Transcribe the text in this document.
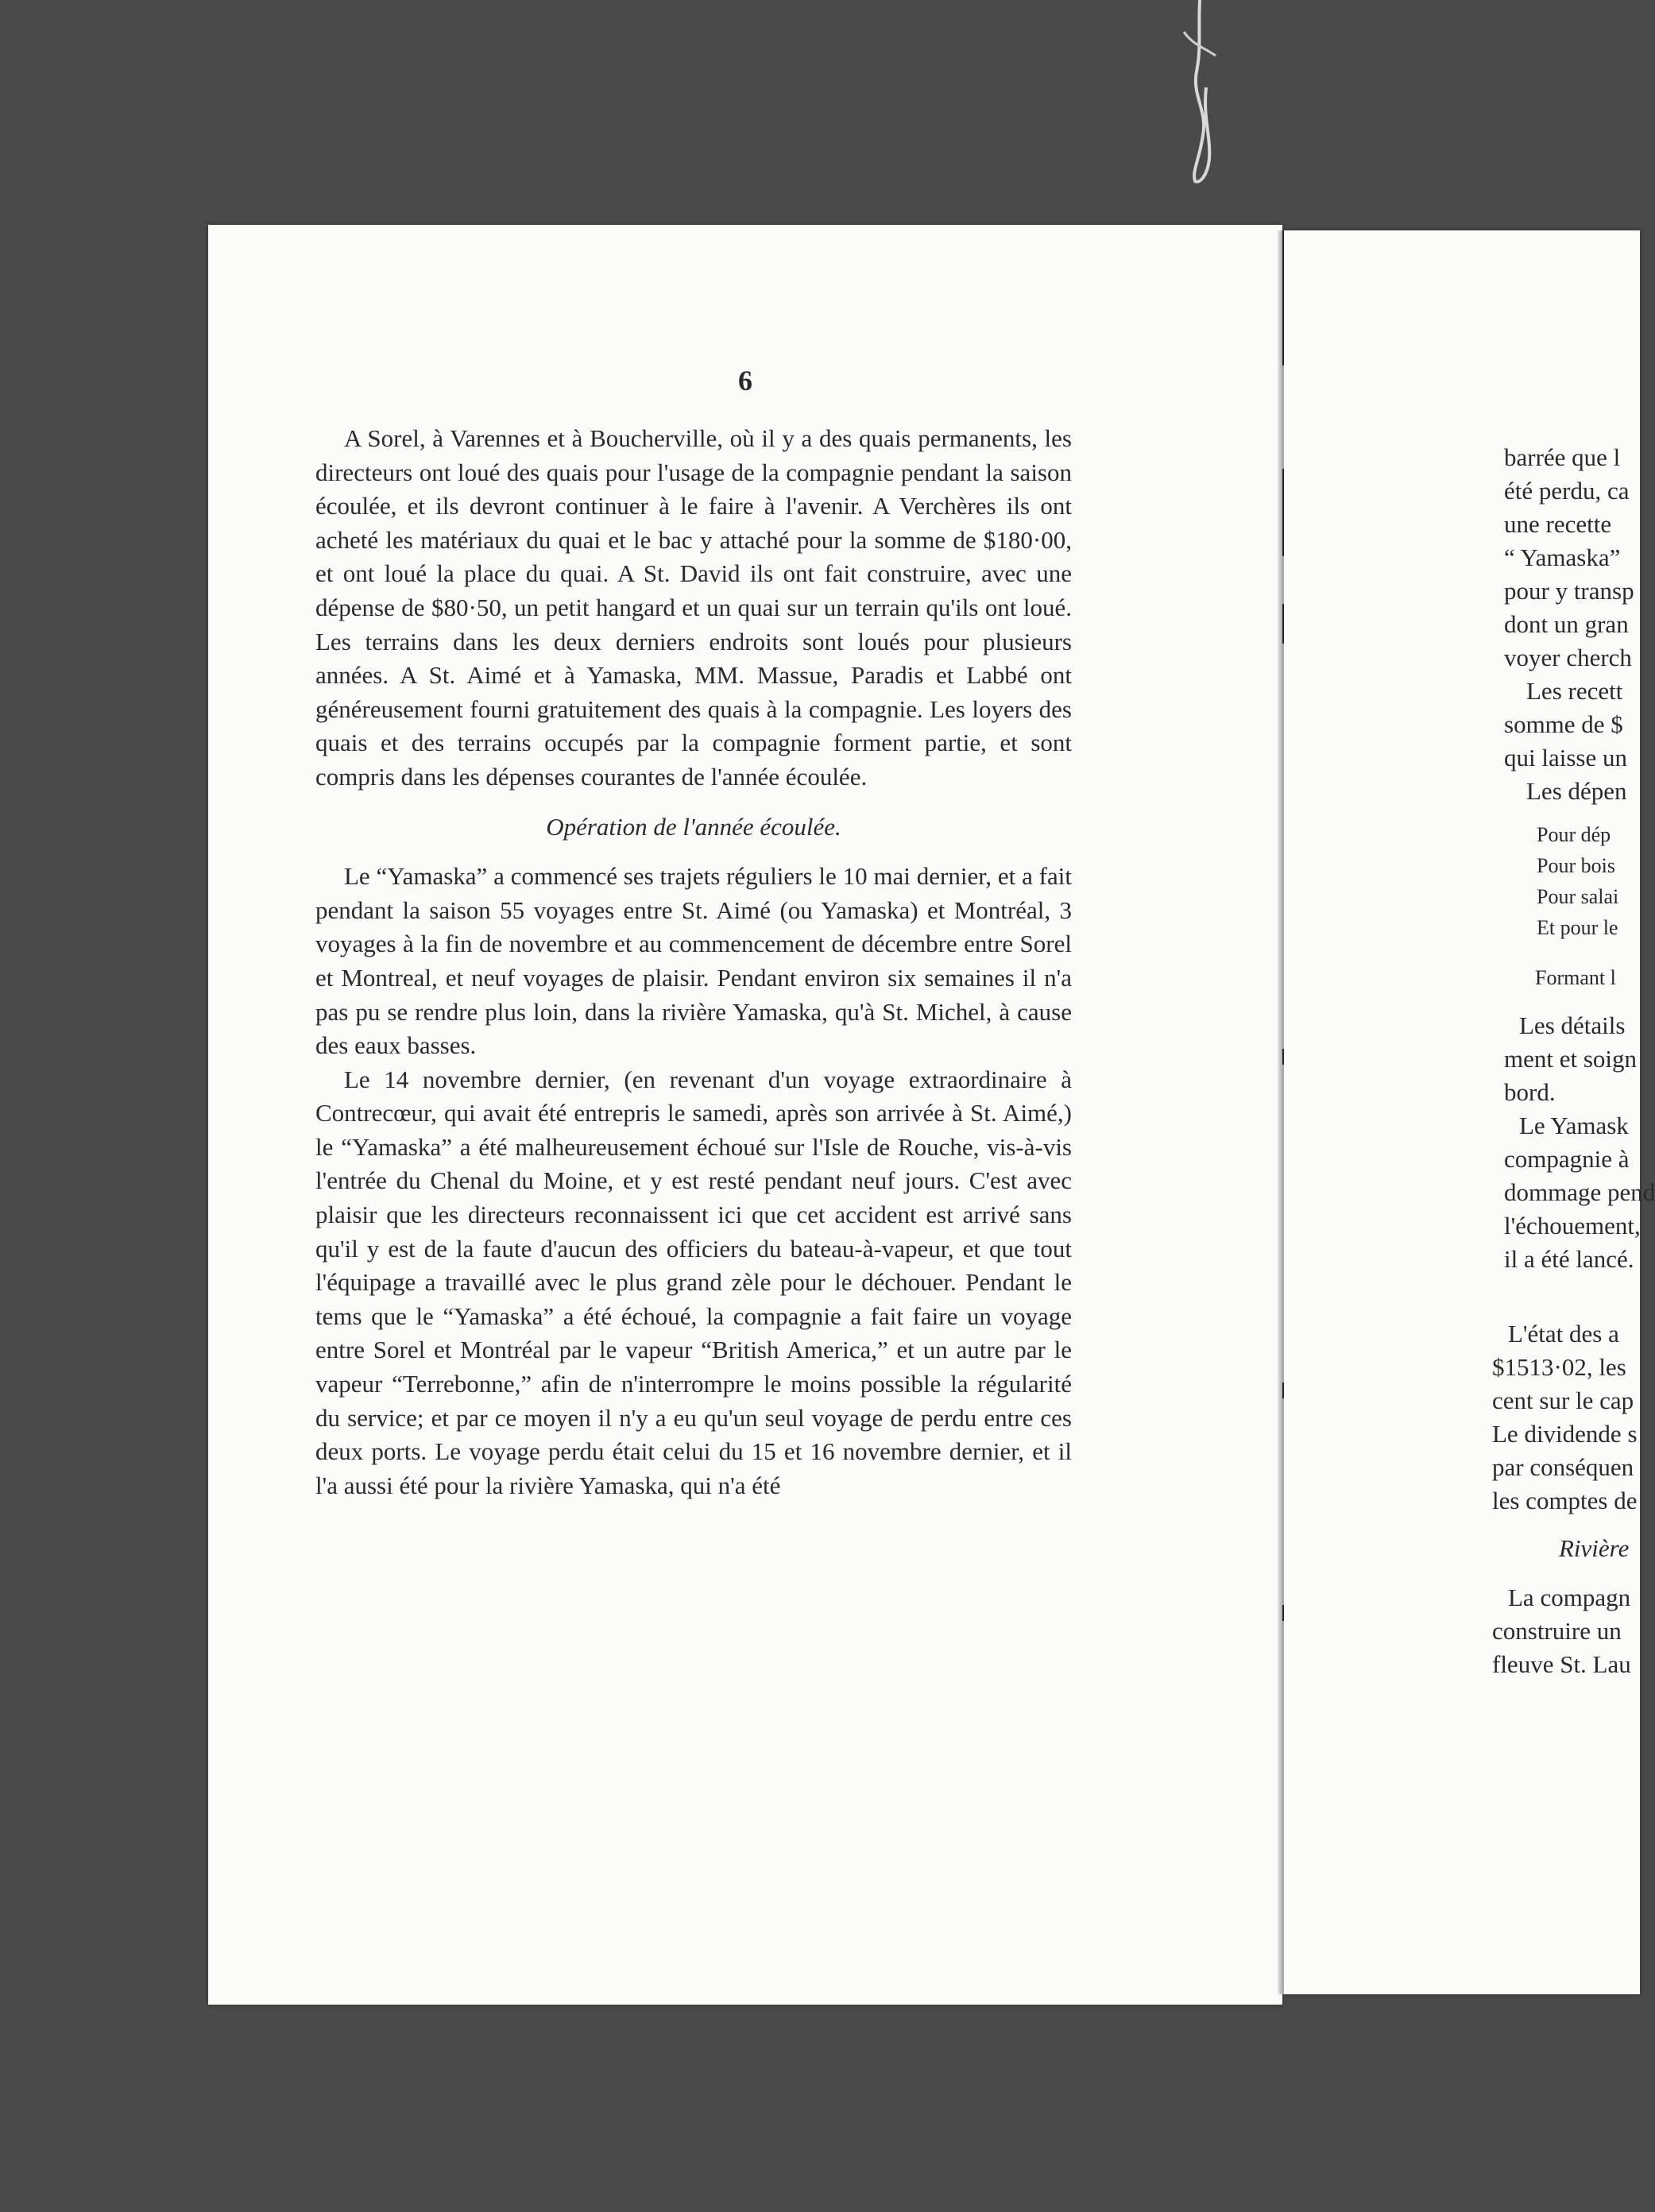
6

A Sorel, à Varennes et à Boucherville, où il y a des quais permanents, les directeurs ont loué des quais pour l'usage de la compagnie pendant la saison écoulée, et ils devront continuer à le faire à l'avenir. A Verchères ils ont acheté les matériaux du quai et le bac y attaché pour la somme de $180·00, et ont loué la place du quai. A St. David ils ont fait construire, avec une dépense de $80·50, un petit hangard et un quai sur un terrain qu'ils ont loué. Les terrains dans les deux derniers endroits sont loués pour plusieurs années. A St. Aimé et à Yamaska, MM. Massue, Paradis et Labbé ont généreusement fourni gratuitement des quais à la compagnie. Les loyers des quais et des terrains occupés par la compagnie forment partie, et sont compris dans les dépenses courantes de l'année écoulée.

Opération de l'année écoulée.

Le “Yamaska” a commencé ses trajets réguliers le 10 mai dernier, et a fait pendant la saison 55 voyages entre St. Aimé (ou Yamaska) et Montréal, 3 voyages à la fin de novembre et au commencement de décembre entre Sorel et Montreal, et neuf voyages de plaisir. Pendant environ six semaines il n'a pas pu se rendre plus loin, dans la rivière Yamaska, qu'à St. Michel, à cause des eaux basses.

Le 14 novembre dernier, (en revenant d'un voyage extraordinaire à Contrecœur, qui avait été entrepris le samedi, après son arrivée à St. Aimé,) le “Yamaska” a été malheureusement échoué sur l'Isle de Rouche, vis-à-vis l'entrée du Chenal du Moine, et y est resté pendant neuf jours. C'est avec plaisir que les directeurs reconnaissent ici que cet accident est arrivé sans qu'il y est de la faute d'aucun des officiers du bateau-à-vapeur, et que tout l'équipage a travaillé avec le plus grand zèle pour le déchouer. Pendant le tems que le “Yamaska” a été échoué, la compagnie a fait faire un voyage entre Sorel et Montréal par le vapeur “British America,” et un autre par le vapeur “Terrebonne,” afin de n'interrompre le moins possible la régularité du service; et par ce moyen il n'y a eu qu'un seul voyage de perdu entre ces deux ports. Le voyage perdu était celui du 15 et 16 novembre dernier, et il l'a aussi été pour la rivière Yamaska, qui n'a été

barrée que l
été perdu, ca
une recette
“ Yamaska”
pour y transp
dont un gran
voyer cherch
Les recett
somme de $
qui laisse un
Les dépen
Pour dép
Pour bois
Pour salai
Et pour le
Formant l
Les détails
ment et soign
bord.
Le Yamask
compagnie à
dommage pend
l'échouement,
il a été lancé.
L'état des a
$1513·02, les
cent sur le cap
Le dividende s
par conséquen
les comptes de
Rivière
La compagn
construire un
fleuve St. Lau
